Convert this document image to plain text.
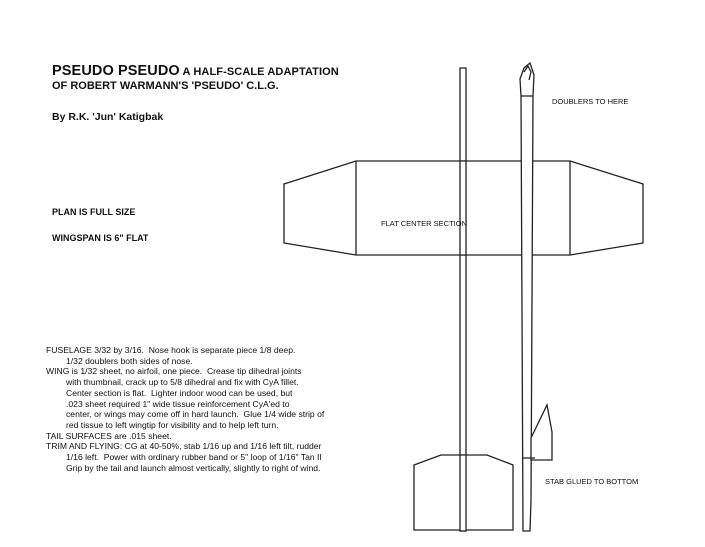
PSEUDO PSEUDO A HALF-SCALE ADAPTATION
OF ROBERT WARMANN'S 'PSEUDO' C.L.G.
By R.K. 'Jun' Katigbak
PLAN IS FULL SIZE
WINGSPAN IS 6" FLAT
FLAT CENTER SECTION
DOUBLERS TO HERE
STAB GLUED TO BOTTOM

FUSELAGE 3/32 by 3/16.  Nose hook is separate piece 1/8 deep.

1/32 doublers both sides of nose.

WING is 1/32 sheet, no airfoil, one piece.  Crease tip dihedral joints

with thumbnail, crack up to 5/8 dihedral and fix with CyA fillet.

Center section is flat.  Lighter indoor wood can be used, but

.023 sheet required 1" wide tissue reinforcement CyA'ed to

center, or wings may come off in hard launch.  Glue 1/4 wide strip of

red tissue to left wingtip for visibility and to help left turn.

TAIL SURFACES are .015 sheet.

TRIM AND FLYING: CG at 40-50%, stab 1/16 up and 1/16 left tilt, rudder

1/16 left.  Power with ordinary rubber band or 5" loop of 1/16" Tan II

Grip by the tail and launch almost vertically, slightly to right of wind.
